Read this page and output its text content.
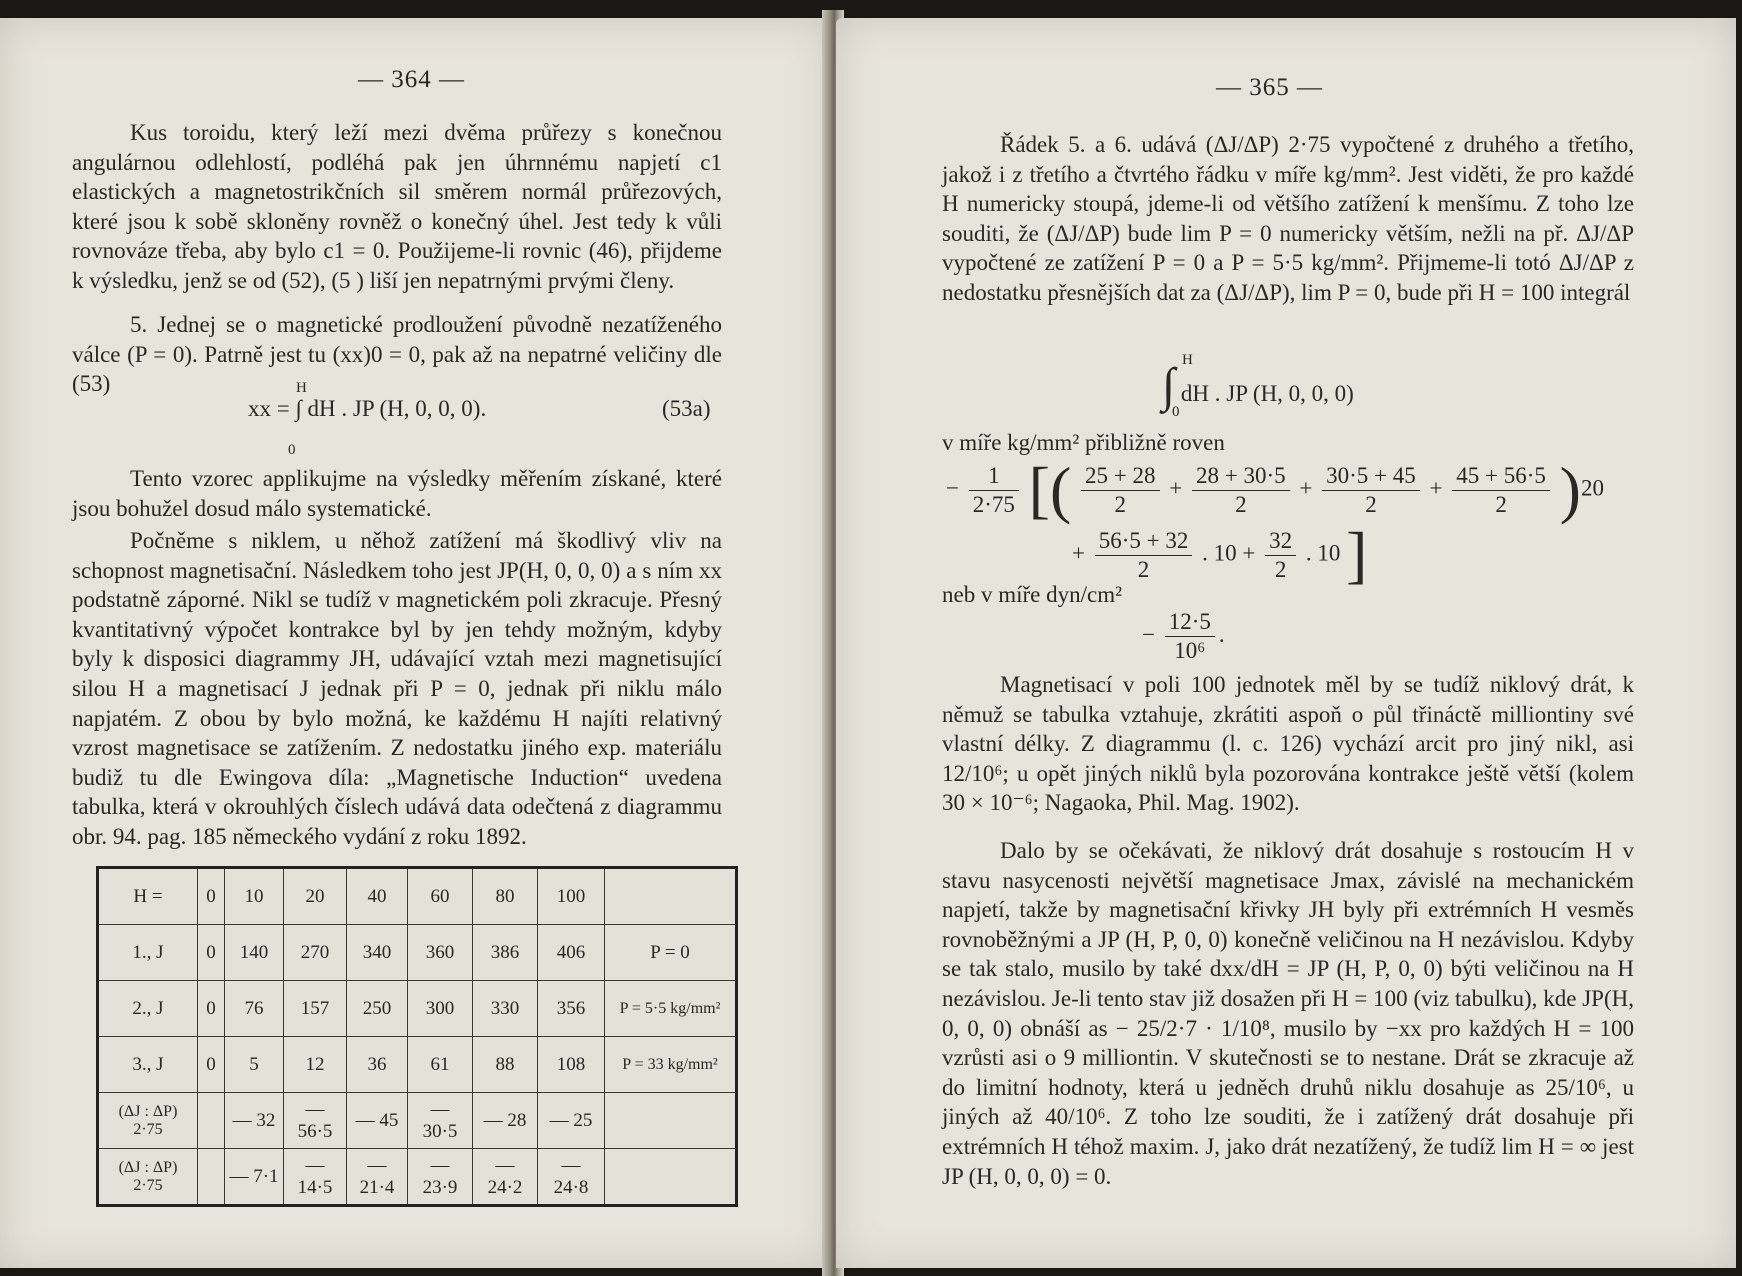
— 364 —
Kus toroidu, který leží mezi dvěma průřezy s konečnou angulárnou odlehlostí, podléhá pak jen úhrnnému napjetí c1 elastických a magnetostrikčních sil směrem normál průřezových, které jsou k sobě skloněny rovněž o konečný úhel. Jest tedy k vůli rovnováze třeba, aby bylo c1 = 0. Použijeme-li rovnic (46), přijdeme k výsledku, jenž se od (52), (5 ) liší jen nepatrnými prvými členy.
5. Jednej se o magnetické prodloužení původně nezatíženého válce (P = 0). Patrně jest tu (xx)0 = 0, pak až na nepatrné veličiny dle (53)
xx = ∫ dH . JP (H, 0, 0, 0).
H
0
(53a)
Tento vzorec applikujme na výsledky měřením získané, které jsou bohužel dosud málo systematické.
Počněme s niklem, u něhož zatížení má škodlivý vliv na schopnost magnetisační. Následkem toho jest JP(H, 0, 0, 0) a s ním xx podstatně záporné. Nikl se tudíž v magnetickém poli zkracuje. Přesný kvantitativný výpočet kontrakce byl by jen tehdy možným, kdyby byly k disposici diagrammy JH, udávající vztah mezi magnetisující silou H a magnetisací J jednak při P = 0, jednak při niklu málo napjatém. Z obou by bylo možná, ke každému H najíti relativný vzrost magnetisace se zatížením. Z nedostatku jiného exp. materiálu budiž tu dle Ewingova díla: „Magnetische Induction“ uvedena tabulka, která v okrouhlých číslech udává data odečtená z diagrammu obr. 94. pag. 185 německého vydání z roku 1892.
H =	0	10	20	40	60	80	100	
1., J	0	140	270	340	360	386	406	P = 0
2., J	0	76	157	250	300	330	356	P = 5·5 kg/mm²
3., J	0	5	12	36	61	88	108	P = 33 kg/mm²
(ΔJ : ΔP) 2·75		— 32	— 56·5	— 45	— 30·5	— 28	— 25	
(ΔJ : ΔP) 2·75		— 7·1	— 14·5	— 21·4	— 23·9	— 24·2	— 24·8	
— 365 —
Řádek 5. a 6. udává (ΔJ/ΔP) 2·75 vypočtené z druhého a třetího, jakož i z třetího a čtvrtého řádku v míře kg/mm². Jest viděti, že pro každé H numericky stoupá, jdeme-li od většího zatížení k menšímu. Z toho lze souditi, že (ΔJ/ΔP) bude lim P = 0 numericky větším, nežli na př. ΔJ/ΔP vypočtené ze zatížení P = 0 a P = 5·5 kg/mm². Přijmeme-li totó ΔJ/ΔP z nedostatku přesnějších dat za (ΔJ/ΔP), lim P = 0, bude při H = 100 integrál
∫ dH . JP (H, 0, 0, 0)
H
0
v míře kg/mm² přibližně roven
− $\frac{1}{2\cdot 75}$ [( $\frac{25 + 28}{2} + \frac{28 + 30\cdot 5}{2} + \frac{30\cdot 5 + 45}{2} + \frac{45 + 56\cdot 5}{2} )20$
+ $\frac{56\cdot 5 + 32}{2}$ . $10 + \frac{32}{2}$ . 10 ]
neb v míře dyn/cm²
− $\frac{12\cdot 5}{\text{10⁶}}$ .
Magnetisací v poli 100 jednotek měl by se tudíž niklový drát, k němuž se tabulka vztahuje, zkrátiti aspoň o půl třináctě milliontiny své vlastní délky. Z diagrammu (l. c. 126) vychází arcit pro jiný nikl, asi 12/10⁶; u opět jiných niklů byla pozorována kontrakce ještě větší (kolem 30 × 10⁻⁶; Nagaoka, Phil. Mag. 1902).
Dalo by se očekávati, že niklový drát dosahuje s rostoucím H v stavu nasycenosti největší magnetisace Jmax, závislé na mechanickém napjetí, takže by magnetisační křivky JH byly při extrémních H vesměs rovnoběžnými a JP (H, P, 0, 0) konečně veličinou na H nezávislou. Kdyby se tak stalo, musilo by také dxx/dH = JP (H, P, 0, 0) býti veličinou na H nezávislou. Je-li tento stav již dosažen při H = 100 (viz tabulku), kde JP(H, 0, 0, 0) obnáší as − 25/2·7 · 1/10⁸, musilo by −xx pro každých H = 100 vzrůsti asi o 9 milliontin. V skutečnosti se to nestane. Drát se zkracuje až do limitní hodnoty, která u jedněch druhů niklu dosahuje as 25/10⁶, u jiných až 40/10⁶. Z toho lze souditi, že i zatížený drát dosahuje při extrémních H téhož maxim. J, jako drát nezatížený, že tudíž lim H = ∞ jest JP (H, 0, 0, 0) = 0.
